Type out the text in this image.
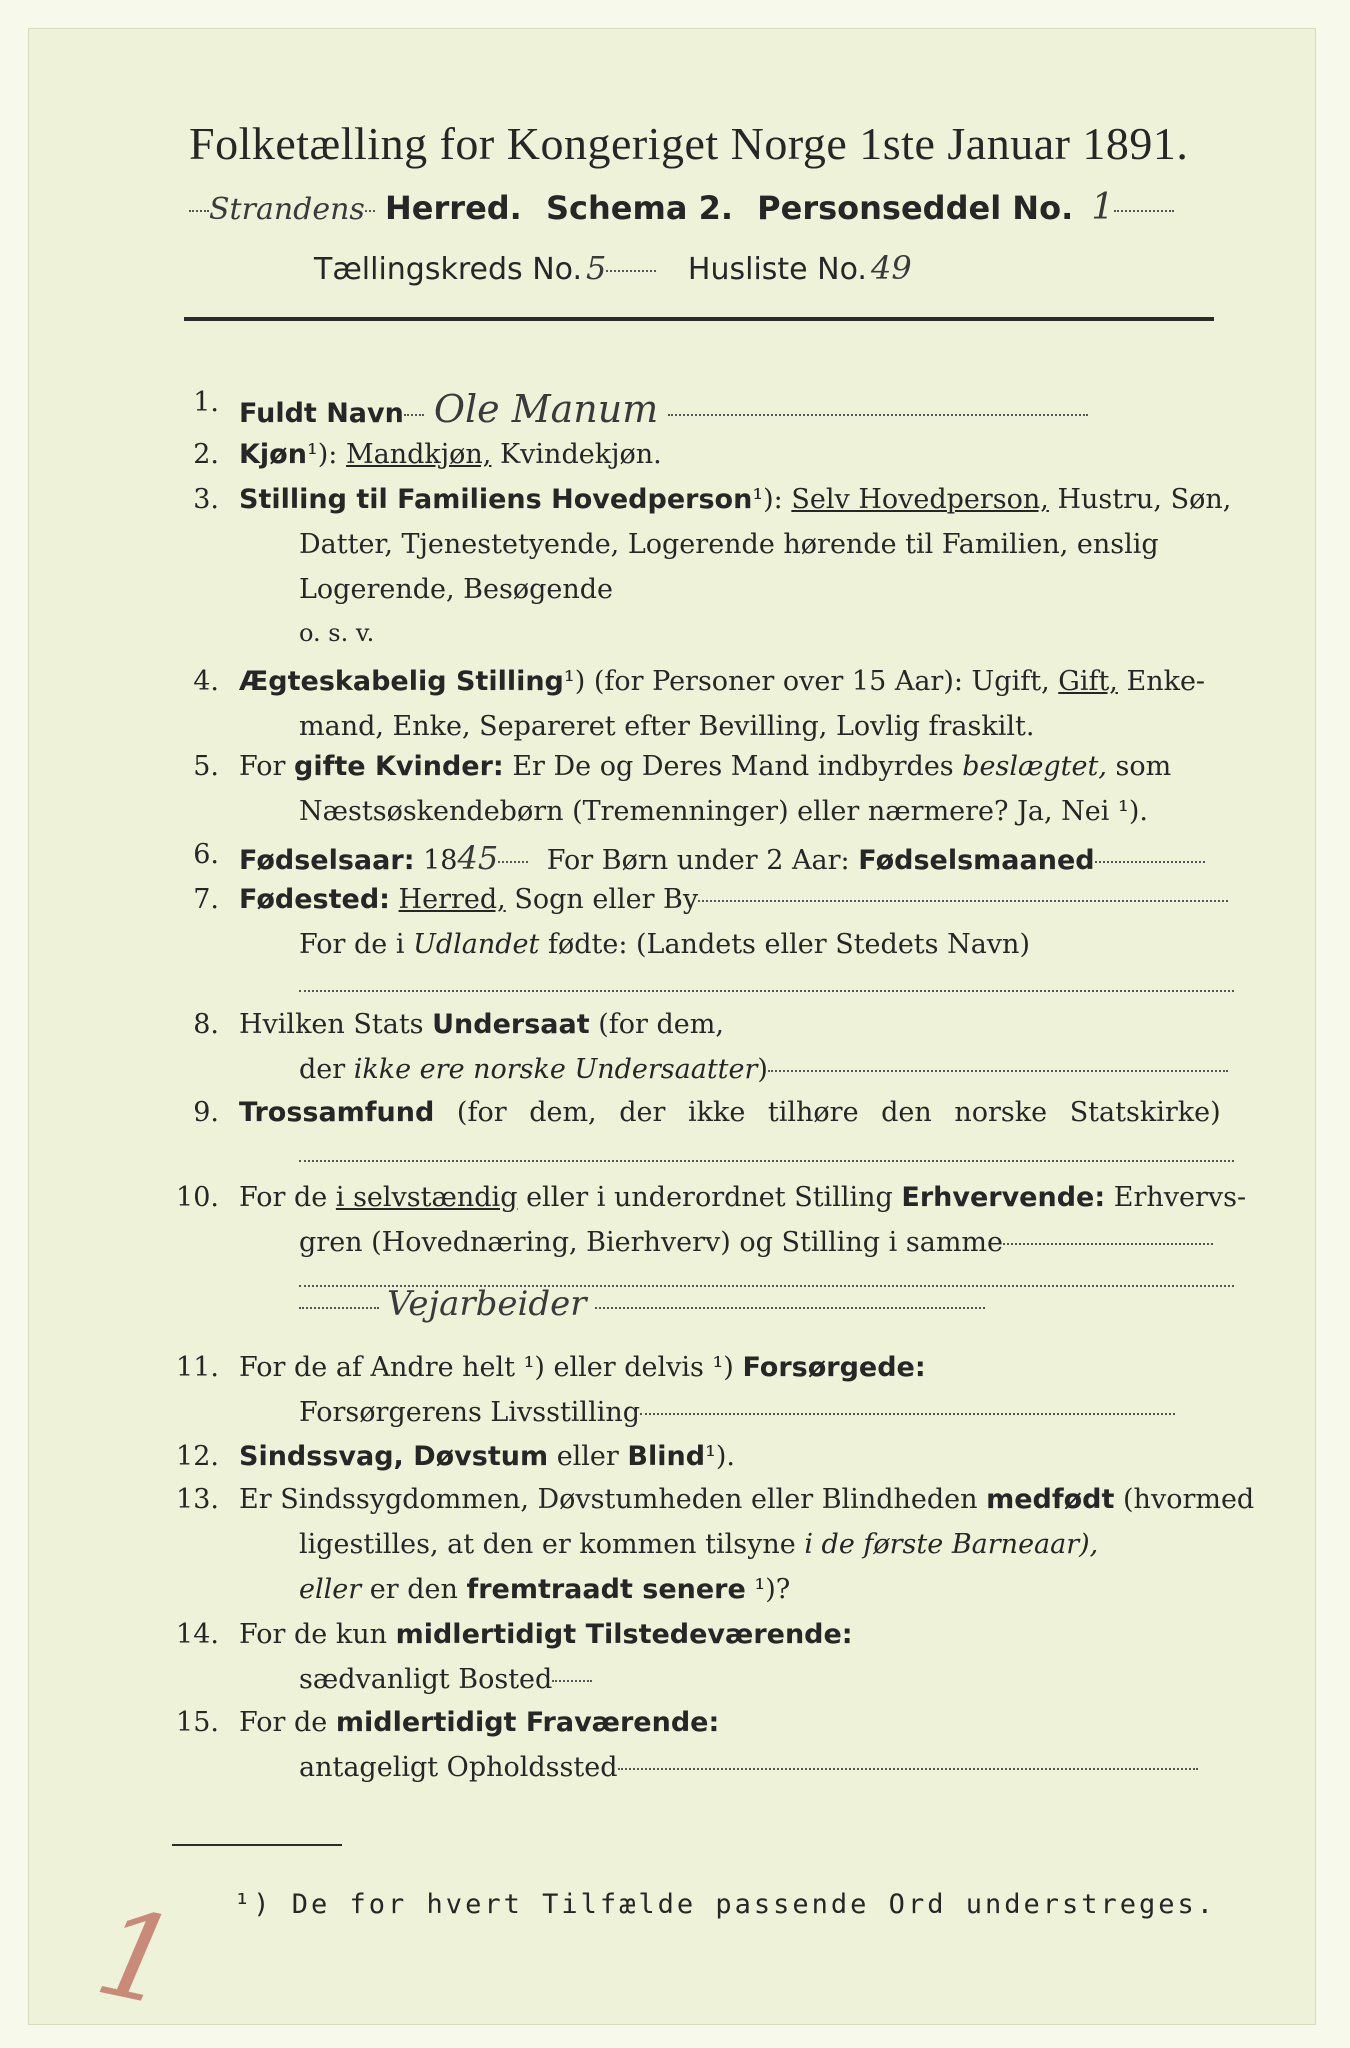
Folketælling for Kongeriget Norge 1ste Januar 1891.
Strandens Herred. Schema 2. Personseddel No. 1
Tællingskreds No. 5	Husliste No. 49
1. Fuldt Navn Ole Manum
2. Kjøn¹): Mandkjøn, Kvindekjøn.
3. Stilling til Familiens Hovedperson¹): Selv Hovedperson, Hustru, Søn,
Datter, Tjenestetyende, Logerende hørende til Familien, enslig
Logerende, Besøgende
o. s. v.
4. Ægteskabelig Stilling¹) (for Personer over 15 Aar): Ugift, Gift, Enke-
mand, Enke, Separeret efter Bevilling, Lovlig fraskilt.
5. For gifte Kvinder: Er De og Deres Mand indbyrdes beslægtet, som
Næstsøskendebørn (Tremenninger) eller nærmere? Ja, Nei ¹).
6. Fødselsaar: 1845 For Børn under 2 Aar: Fødselsmaaned
7. Fødested: Herred, Sogn eller By
For de i Udlandet fødte: (Landets eller Stedets Navn)
8. Hvilken Stats Undersaat (for dem,
der ikke ere norske Undersaatter)
9. Trossamfund (for dem, der ikke tilhøre den norske Statskirke)
10. For de i selvstændig eller i underordnet Stilling Erhvervende: Erhvervs-
gren (Hovednæring, Bierhverv) og Stilling i samme
Vejarbeider
11. For de af Andre helt ¹) eller delvis ¹) Forsørgede:
Forsørgerens Livsstilling
12. Sindssvag, Døvstum eller Blind¹).
13. Er Sindssygdommen, Døvstumheden eller Blindheden medfødt (hvormed
ligestilles, at den er kommen tilsyne i de første Barneaar),
eller er den fremtraadt senere ¹)?
14. For de kun midlertidigt Tilstedeværende:
sædvanligt Bosted
15. For de midlertidigt Fraværende:
antageligt Opholdssted
¹) De for hvert Tilfælde passende Ord understreges.
1
